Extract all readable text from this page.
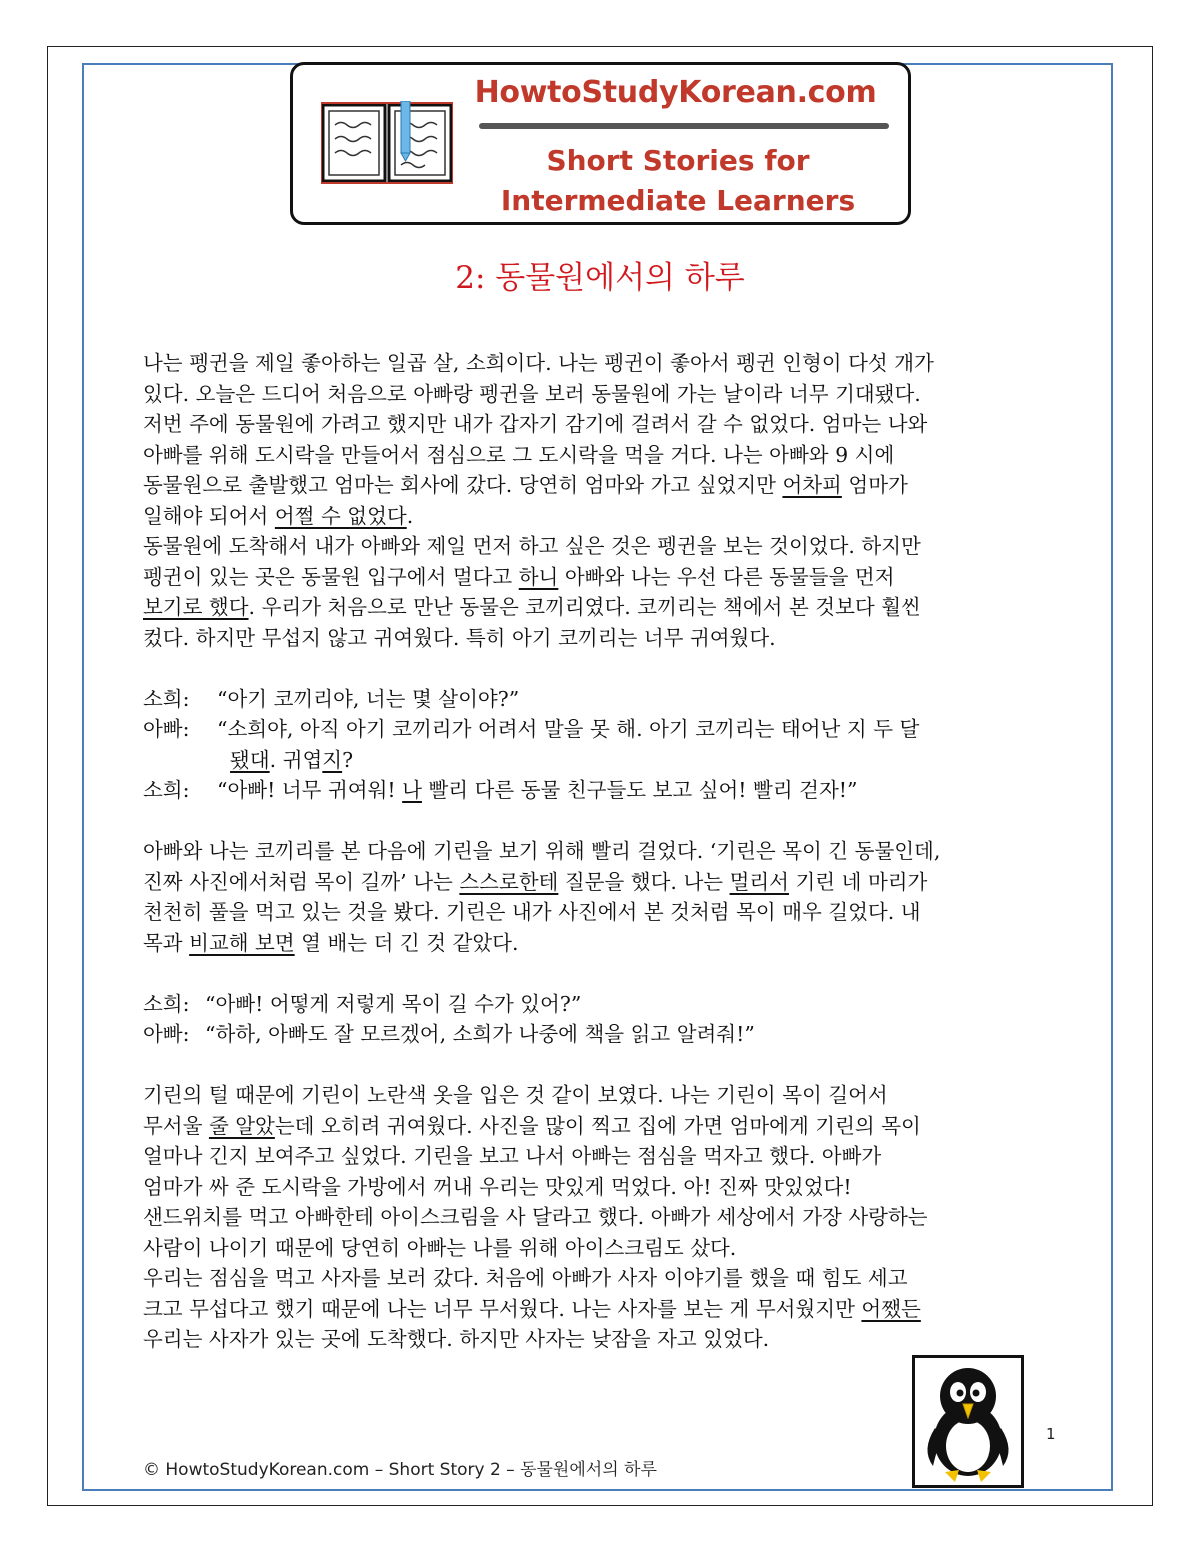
HowtoStudyKorean.com
Short Stories for
Intermediate Learners
2: 동물원에서의 하루
나는 펭귄을 제일 좋아하는 일곱 살, 소희이다. 나는 펭귄이 좋아서 펭귄 인형이 다섯 개가
있다. 오늘은 드디어 처음으로 아빠랑 펭귄을 보러 동물원에 가는 날이라 너무 기대됐다.
저번 주에 동물원에 가려고 했지만 내가 갑자기 감기에 걸려서 갈 수 없었다. 엄마는 나와
아빠를 위해 도시락을 만들어서 점심으로 그 도시락을 먹을 거다. 나는 아빠와 9 시에
동물원으로 출발했고 엄마는 회사에 갔다. 당연히 엄마와 가고 싶었지만 어차피 엄마가
일해야 되어서 어쩔 수 없었다.
동물원에 도착해서 내가 아빠와 제일 먼저 하고 싶은 것은 펭귄을 보는 것이었다. 하지만
펭귄이 있는 곳은 동물원 입구에서 멀다고 하니 아빠와 나는 우선 다른 동물들을 먼저
보기로 했다. 우리가 처음으로 만난 동물은 코끼리였다. 코끼리는 책에서 본 것보다 훨씬
컸다. 하지만 무섭지 않고 귀여웠다. 특히 아기 코끼리는 너무 귀여웠다.
소희:	“아기 코끼리야, 너는 몇 살이야?”
아빠:	“소희야, 아직 아기 코끼리가 어려서 말을 못 해. 아기 코끼리는 태어난 지 두 달
됐대. 귀엽지?
소희:	“아빠! 너무 귀여워! 나 빨리 다른 동물 친구들도 보고 싶어! 빨리 걷자!”
아빠와 나는 코끼리를 본 다음에 기린을 보기 위해 빨리 걸었다. ‘기린은 목이 긴 동물인데,
진짜 사진에서처럼 목이 길까’ 나는 스스로한테 질문을 했다. 나는 멀리서 기린 네 마리가
천천히 풀을 먹고 있는 것을 봤다. 기린은 내가 사진에서 본 것처럼 목이 매우 길었다. 내
목과 비교해 보면 열 배는 더 긴 것 같았다.
소희: “아빠! 어떻게 저렇게 목이 길 수가 있어?”
아빠: “하하, 아빠도 잘 모르겠어, 소희가 나중에 책을 읽고 알려줘!”
기린의 털 때문에 기린이 노란색 옷을 입은 것 같이 보였다. 나는 기린이 목이 길어서
무서울 줄 알았는데 오히려 귀여웠다. 사진을 많이 찍고 집에 가면 엄마에게 기린의 목이
얼마나 긴지 보여주고 싶었다. 기린을 보고 나서 아빠는 점심을 먹자고 했다. 아빠가
엄마가 싸 준 도시락을 가방에서 꺼내 우리는 맛있게 먹었다. 아! 진짜 맛있었다!
샌드위치를 먹고 아빠한테 아이스크림을 사 달라고 했다. 아빠가 세상에서 가장 사랑하는
사람이 나이기 때문에 당연히 아빠는 나를 위해 아이스크림도 샀다.
우리는 점심을 먹고 사자를 보러 갔다. 처음에 아빠가 사자 이야기를 했을 때 힘도 세고
크고 무섭다고 했기 때문에 나는 너무 무서웠다. 나는 사자를 보는 게 무서웠지만 어쨌든
우리는 사자가 있는 곳에 도착했다. 하지만 사자는 낮잠을 자고 있었다.
1
© HowtoStudyKorean.com – Short Story 2 – 동물원에서의 하루
